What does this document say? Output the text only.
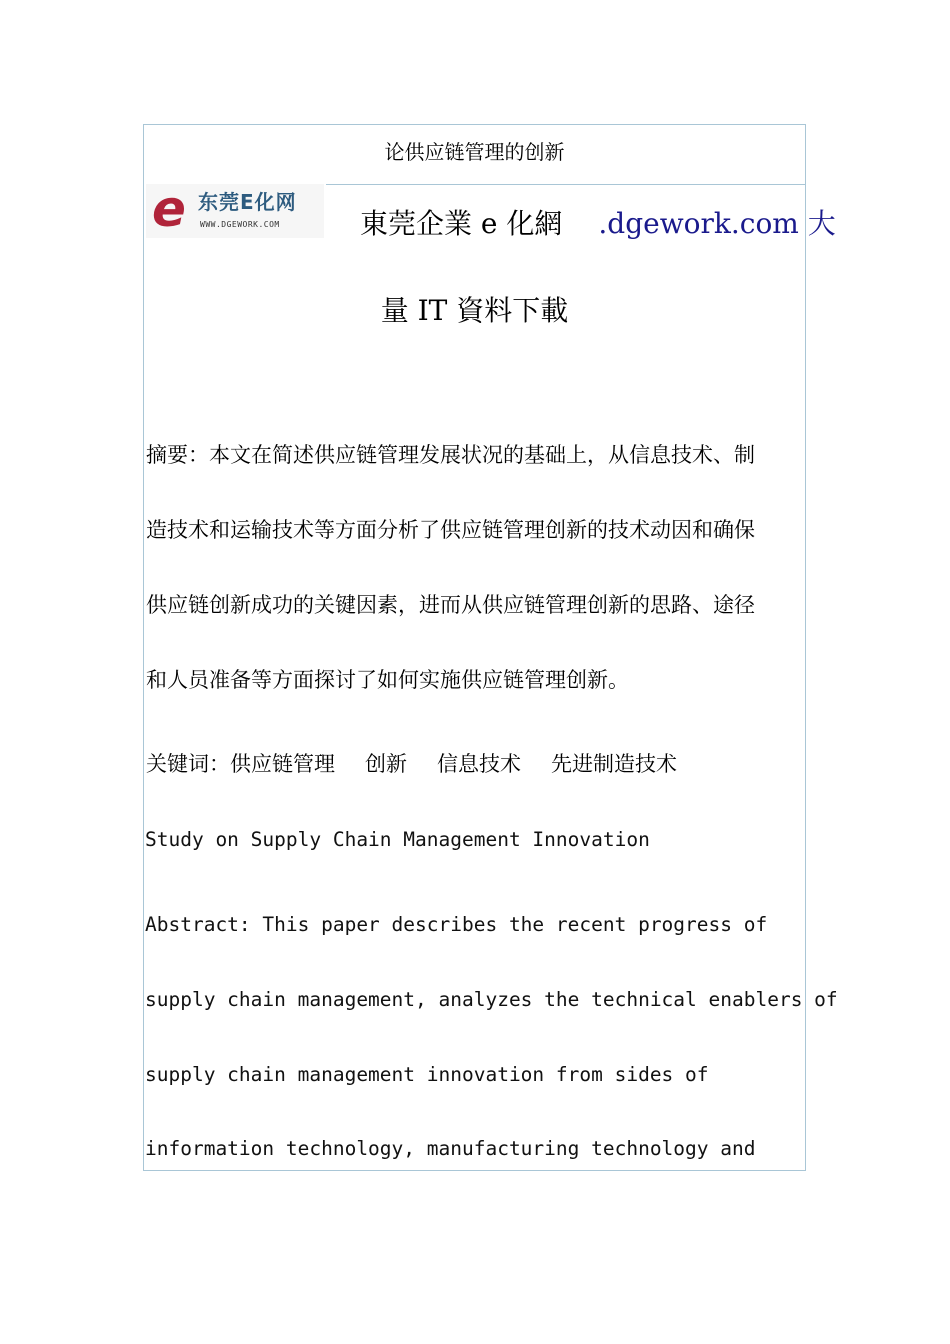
论供应链管理的创新
e 东莞E化网
WWW.DGEWORK.COM	東莞企業 e 化網 .dgework.com 大
量 IT 資料下載
摘要：本文在简述供应链管理发展状况的基础上，从信息技术、制
造技术和运输技术等方面分析了供应链管理创新的技术动因和确保
供应链创新成功的关键因素，进而从供应链管理创新的思路、途径
和人员准备等方面探讨了如何实施供应链管理创新。
关键词：供应链管理 创新 信息技术 先进制造技术
Study on Supply Chain Management Innovation
Abstract: This paper describes the recent progress of
supply chain management, analyzes the technical enablers of
supply chain management innovation from sides of
information technology, manufacturing technology and
